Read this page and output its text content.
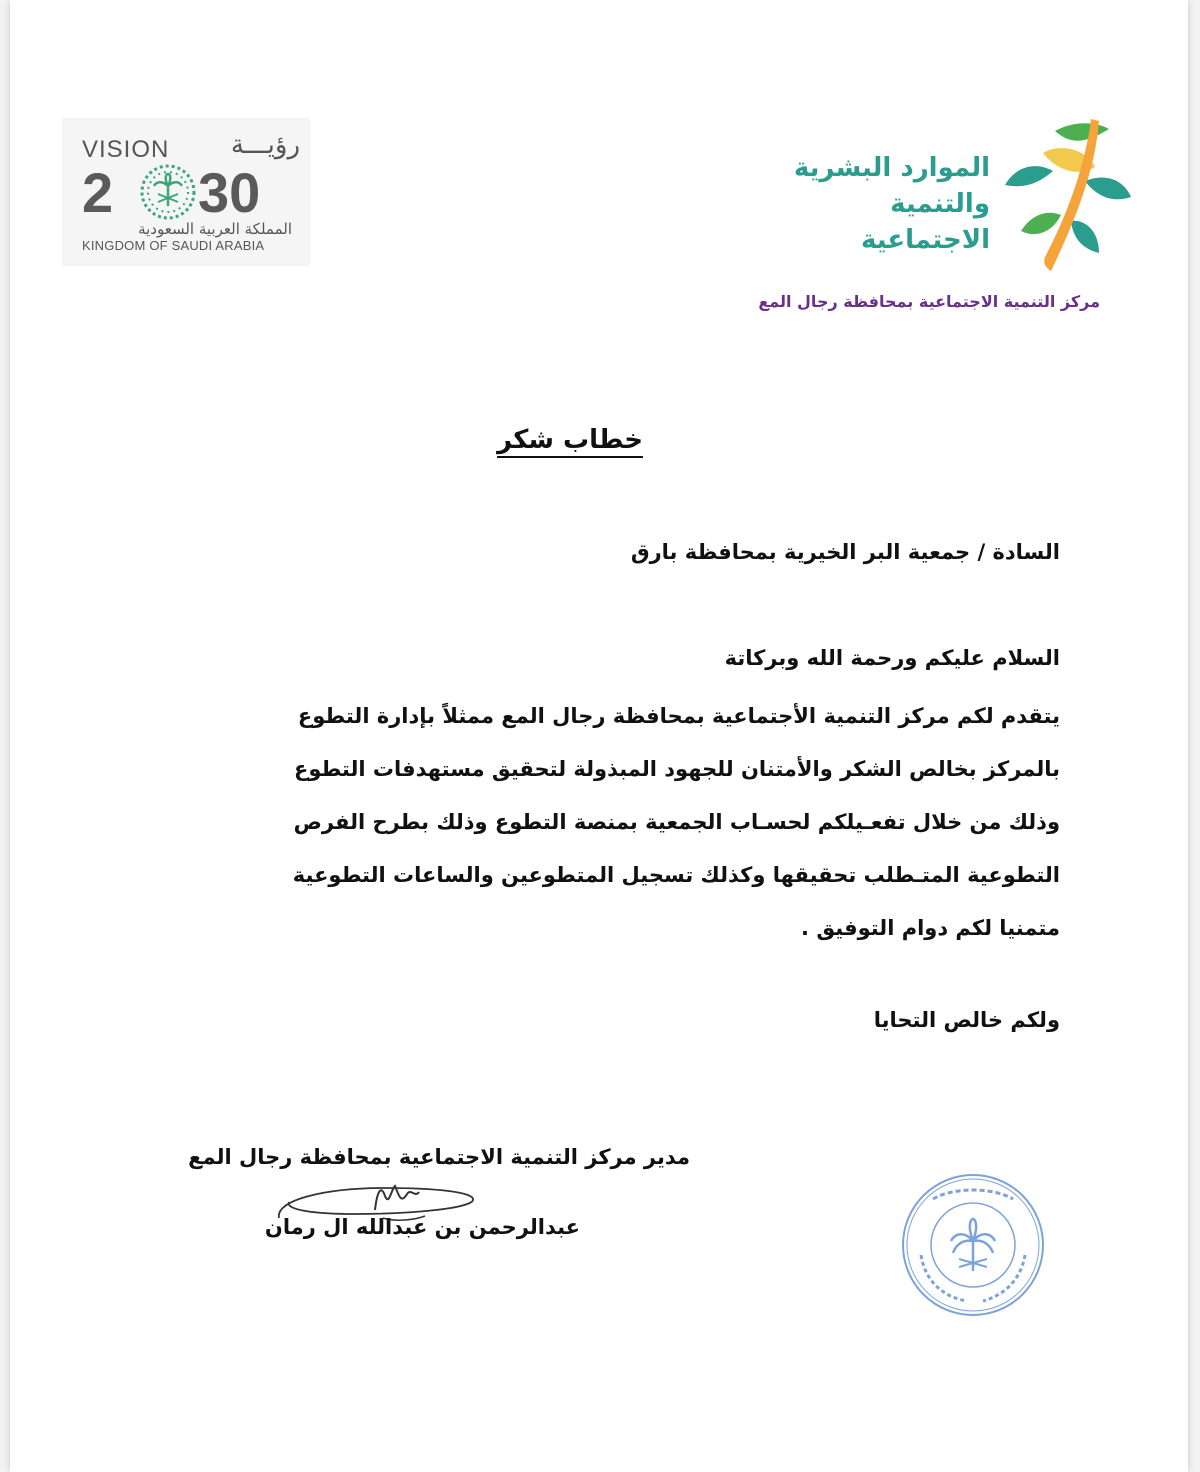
VISION	رؤيـــة
2 30
المملكة العربية السعودية
KINGDOM OF SAUDI ARABIA
الموارد البشرية
والتنمية الاجتماعية
مركز التنمية الاجتماعية بمحافظة رجال المع
خطاب شكر
السادة / جمعية البر الخيرية بمحافظة بارق
السلام عليكم ورحمة الله وبركاتة
يتقدم لكم مركز التنمية الأجتماعية بمحافظة رجال المع ممثلاً بإدارة التطوع
بالمركز بخالص الشكر والأمتنان للجهود المبذولة لتحقيق مستهدفات التطوع
وذلك من خلال تفعـيلكم لحسـاب الجمعية بمنصة التطوع وذلك بطرح الفرص
التطوعية المتـطلب تحقيقها وكذلك تسجيل المتطوعين والساعات التطوعية
متمنيا لكم دوام التوفيق .
ولكم خالص التحايا
مدير مركز التنمية الاجتماعية بمحافظة رجال المع
عبدالرحمن بن عبدالله ال رمان
